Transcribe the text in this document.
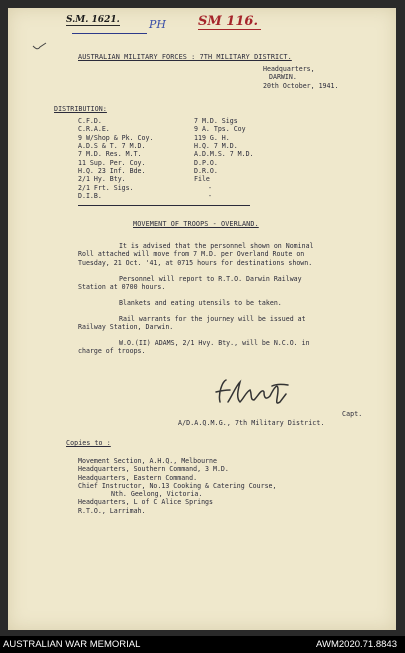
S.M. 1621.	PH SM 116.
AUSTRALIAN MILITARY FORCES : 7TH MILITARY DISTRICT.
Headquarters,
DARWIN.
20th October, 1941.
DISTRIBUTION:
C.F.D.
C.R.A.E.
9 W/Shop & Pk. Coy.
A.D.S & T. 7 M.D.
7 M.D. Res. M.T.
11 Sup. Per. Coy.
H.Q. 23 Inf. Bde.
2/1 Hy. Bty.
2/1 Frt. Sigs.
D.I.B.
7 M.D. Sigs
9 A. Tps. Coy
119 G. H.
H.Q. 7 M.D.
A.D.M.S. 7 M.D.
D.P.O.
D.R.O.
File
-
-
MOVEMENT OF TROOPS - OVERLAND.
It is advised that the personnel shown on Nominal
Roll attached will move from 7 M.D. per Overland Route on
Tuesday, 21 Oct. '41, at 0715 hours for destinations shown.
Personnel will report to R.T.O. Darwin Railway
Station at 0700 hours.
Blankets and eating utensils to be taken.
Rail warrants for the journey will be issued at
Railway Station, Darwin.
W.O.(II) ADAMS, 2/1 Hvy. Bty., will be N.C.O. in
charge of troops.
Capt.
A/D.A.Q.M.G., 7th Military District.
Copies to :
Movement Section, A.H.Q., Melbourne
Headquarters, Southern Command, 3 M.D.
Headquarters, Eastern Command.
Chief Instructor, No.13 Cooking & Catering Course,
Nth. Geelong, Victoria.
Headquarters, L of C Alice Springs
R.T.O., Larrimah.
AUSTRALIAN WAR MEMORIAL	AWM2020.71.8843
